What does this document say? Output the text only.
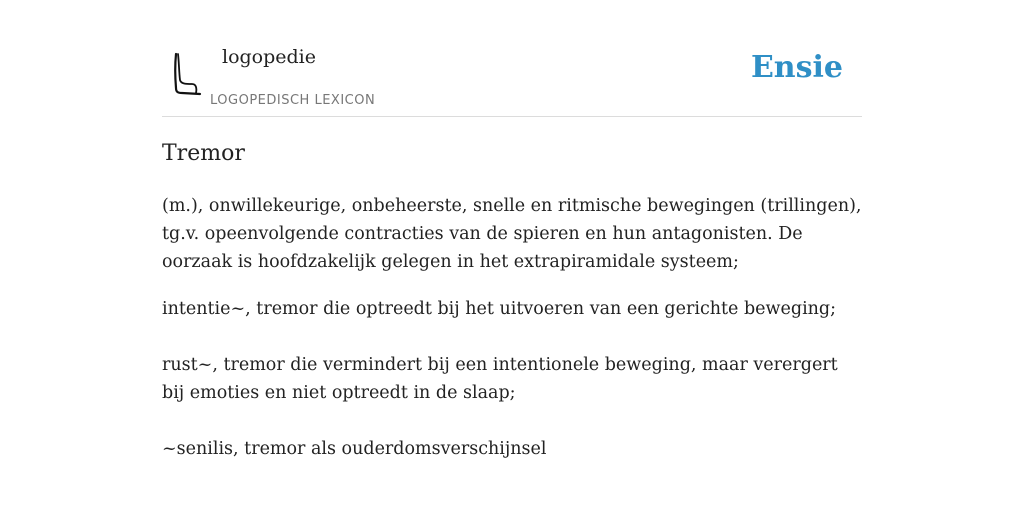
logopedie
LOGOPEDISCH LEXICON
Ensie
Tremor

(m.), onwillekeurige, onbeheerste, snelle en ritmische bewegingen (trillingen), tg.v. opeenvolgende contracties van de spieren en hun antagonisten. De oorzaak is hoofdzakelijk gelegen in het extrapiramidale systeem;

intentie~, tremor die optreedt bij het uitvoeren van een gerichte beweging;

rust~, tremor die vermindert bij een intentionele beweging, maar verergert bij emoties en niet optreedt in de slaap;

~senilis, tremor als ouderdomsverschijnsel
